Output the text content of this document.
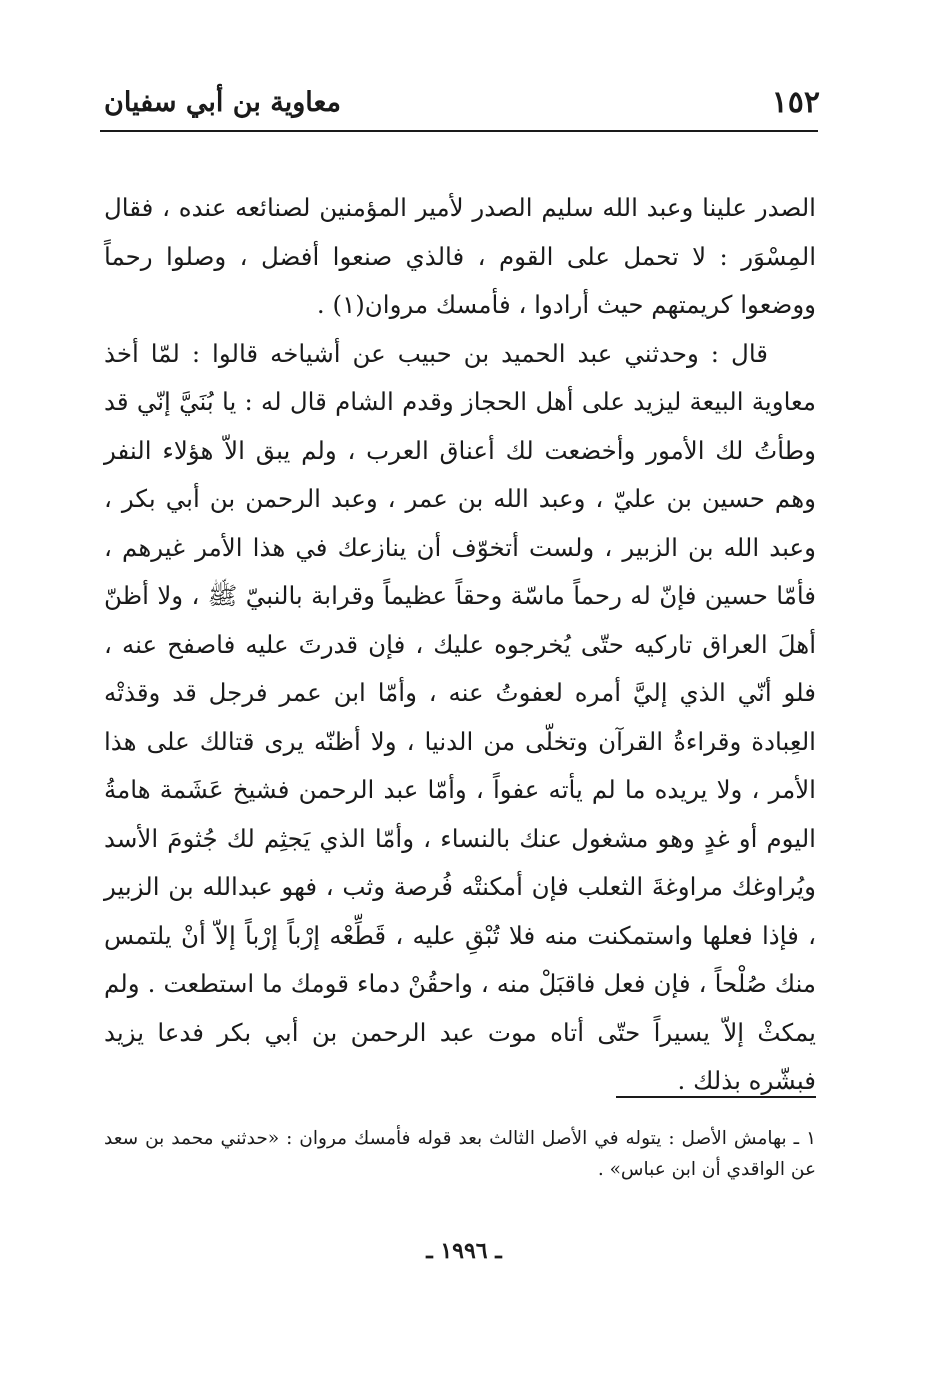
١٥٢
معاوية بن أبي سفيان

الصدر علينا وعبد الله سليم الصدر لأمير المؤمنين لصنائعه عنده ، فقال المِسْوَر : لا تحمل على القوم ، فالذي صنعوا أفضل ، وصلوا رحماً ووضعوا كريمتهم حيث أرادوا ، فأمسك مروان(١) .

قال : وحدثني عبد الحميد بن حبيب عن أشياخه قالوا : لمّا أخذ معاوية البيعة ليزيد على أهل الحجاز وقدم الشام قال له : يا بُنَيَّ إنّي قد وطأتُ لك الأمور وأخضعت لك أعناق العرب ، ولم يبق الاّ هؤلاء النفر وهم حسين بن عليّ ، وعبد الله بن عمر ، وعبد الرحمن بن أبي بكر ، وعبد الله بن الزبير ، ولست أتخوّف أن ينازعك في هذا الأمر غيرهم ، فأمّا حسين فإنّ له رحماً ماسّة وحقاً عظيماً وقرابة بالنبيّ ﷺ ، ولا أظنّ أهلَ العراق تاركيه حتّى يُخرجوه عليك ، فإن قدرتَ عليه فاصفح عنه ، فلو أنّي الذي إليَّ أمره لعفوتُ عنه ، وأمّا ابن عمر فرجل قد وقذتْه العِبادة وقراءةُ القرآن وتخلّى من الدنيا ، ولا أظنّه يرى قتالك على هذا الأمر ، ولا يريده ما لم يأته عفواً ، وأمّا عبد الرحمن فشيخ عَشَمة هامةُ اليوم أو غدٍ وهو مشغول عنك بالنساء ، وأمّا الذي يَجثِم لك جُثومَ الأسد ويُراوغك مراوغةَ الثعلب فإن أمكنتْه فُرصة وثب ، فهو عبدالله بن الزبير ، فإذا فعلها واستمكنت منه فلا تُبْقِ عليه ، قَطِّعْه إرْباً إرْباً إلاّ أنْ يلتمس منك صُلْحاً ، فإن فعل فاقبَلْ منه ، واحقُنْ دماء قومك ما استطعت . ولم يمكثْ إلاّ يسيراً حتّى أتاه موت عبد الرحمن بن أبي بكر فدعا يزيد فبشّره بذلك .

١ ـ بهامش الأصل : يتوله في الأصل الثالث بعد قوله فأمسك مروان : «حدثني محمد بن سعد عن الواقدي أن ابن عباس» .

ـ ١٩٩٦ ـ
